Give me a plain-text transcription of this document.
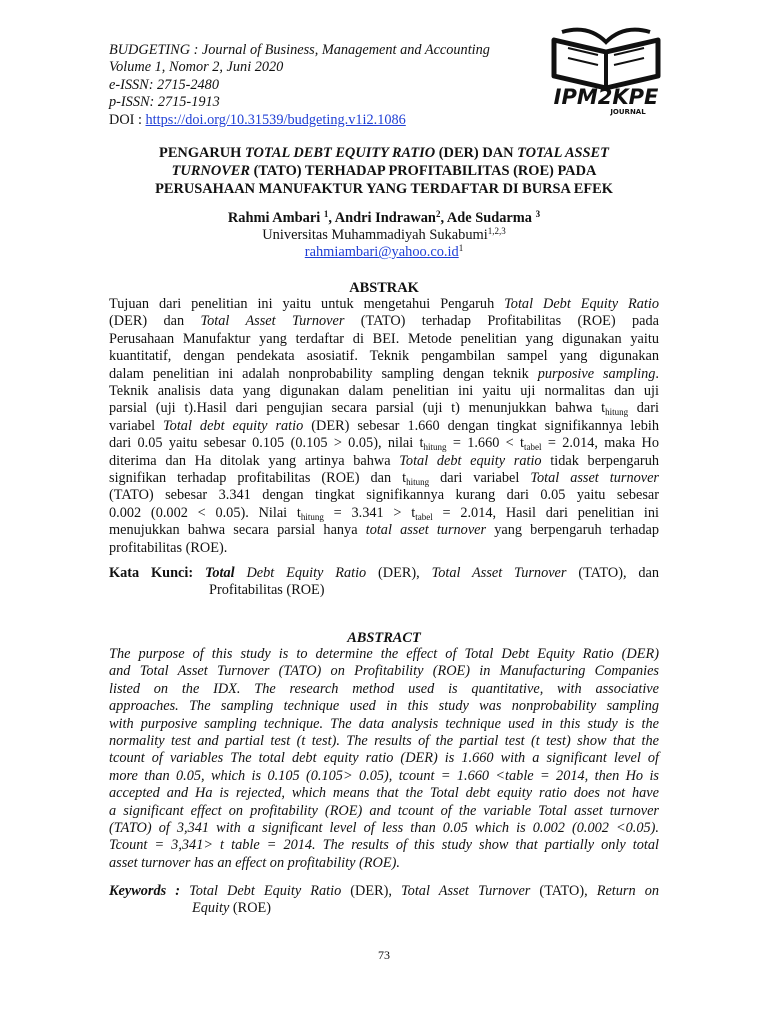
BUDGETING : Journal of Business, Management and Accounting
Volume 1, Nomor 2, Juni 2020
e-ISSN: 2715-2480
p-ISSN: 2715-1913
DOI : https://doi.org/10.31539/budgeting.v1i2.1086
IPM2KPE
JOURNAL
PENGARUH TOTAL DEBT EQUITY RATIO (DER) DAN TOTAL ASSET
TURNOVER (TATO) TERHADAP PROFITABILITAS (ROE) PADA
PERUSAHAAN MANUFAKTUR YANG TERDAFTAR DI BURSA EFEK
Rahmi Ambari $^1$, Andri Indrawan$^2$, Ade Sudarma $^3$
Universitas Muhammadiyah Sukabumi$^{1,2,3}$
$rahmiambari@yahoo.co.id^1$
ABSTRAK
Tujuan dari penelitian ini yaitu untuk mengetahui Pengaruh Total Debt Equity Ratio
(DER) dan Total Asset Turnover (TATO) terhadap Profitabilitas (ROE) pada
Perusahaan Manufaktur yang terdaftar di BEI. Metode penelitian yang digunakan yaitu
kuantitatif, dengan pendekata asosiatif. Teknik pengambilan sampel yang digunakan
dalam penelitian ini adalah nonprobability sampling dengan teknik purposive sampling.
Teknik analisis data yang digunakan dalam penelitian ini yaitu uji normalitas dan uji
parsial (uji t).Hasil dari pengujian secara parsial (uji t) menunjukkan bahwa $t_{hitung}$ dari
variabel Total debt equity ratio (DER) sebesar 1.660 dengan tingkat signifikannya lebih
dari 0.05 yaitu sebesar 0.105 (0.105 > 0.05), nilai $t_{hitung} = 1.660 < t_{tabel} = 2.014$, maka Ho
diterima dan Ha ditolak yang artinya bahwa Total debt equity ratio tidak berpengaruh
signifikan terhadap profitabilitas (ROE) dan $t_{hitung}$ dari variabel Total asset turnover
(TATO) sebesar 3.341 dengan tingkat signifikannya kurang dari 0.05 yaitu sebesar
0.002 (0.002 < 0.05). Nilai $t_{hitung} = 3.341 > t_{tabel} = 2.014$, Hasil dari penelitian ini
menujukkan bahwa secara parsial hanya total asset turnover yang berpengaruh terhadap
profitabilitas (ROE).
Kata Kunci: Total Debt Equity Ratio (DER), Total Asset Turnover (TATO), dan
Profitabilitas (ROE)
ABSTRACT
The purpose of this study is to determine the effect of Total Debt Equity Ratio (DER)
and Total Asset Turnover (TATO) on Profitability (ROE) in Manufacturing Companies
listed on the IDX. The research method used is quantitative, with associative
approaches. The sampling technique used in this study was nonprobability sampling
with purposive sampling technique. The data analysis technique used in this study is the
normality test and partial test (t test). The results of the partial test (t test) show that the
tcount of variables The total debt equity ratio (DER) is 1.660 with a significant level of
more than 0.05, which is 0.105 (0.105> 0.05), tcount = 1.660 <table = 2014, then Ho is
accepted and Ha is rejected, which means that the Total debt equity ratio does not have
a significant effect on profitability (ROE) and tcount of the variable Total asset turnover
(TATO) of 3,341 with a significant level of less than 0.05 which is 0.002 (0.002 <0.05).
Tcount = 3,341> t table = 2014. The results of this study show that partially only total
asset turnover has an effect on profitability (ROE).
Keywords : Total Debt Equity Ratio (DER), Total Asset Turnover (TATO), Return on
Equity (ROE)
73
